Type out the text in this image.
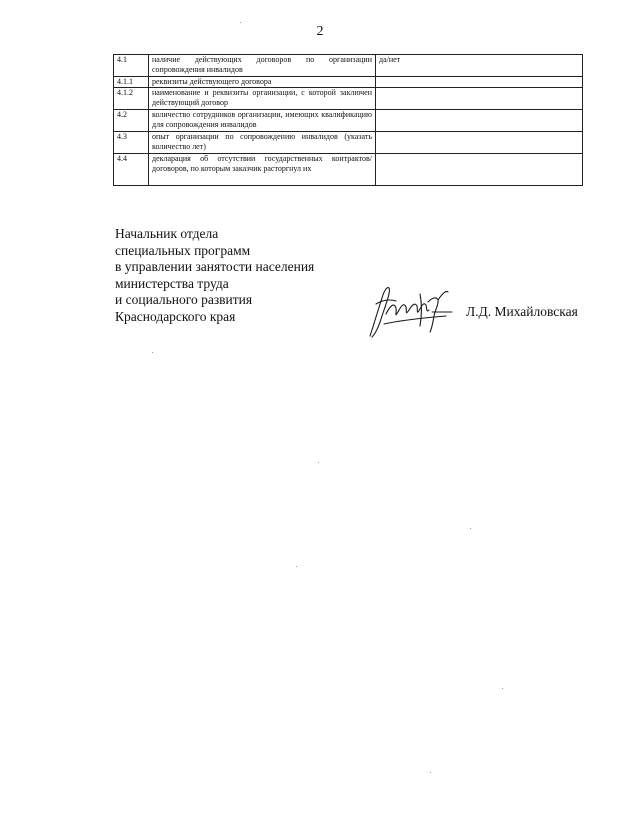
2
4.1	наличие действующих договоров по организации сопровождения инвалидов	да/нет
4.1.1	реквизиты действующего договора	
4.1.2	наименование и реквизиты организации, с которой заключен действующий договор	
4.2	количество сотрудников организации, имеющих квалификацию для сопровождения инвалидов	
4.3	опыт организации по сопровождению инвалидов (указать количество лет)	
4.4	декларация об отсутствии государственных контрактов/договоров, по которым заказчик расторгнул их	
Начальник отдела
специальных программ
в управлении занятости населения
министерства труда
и социального развития
Краснодарского края	Л.Д. Михайловская
